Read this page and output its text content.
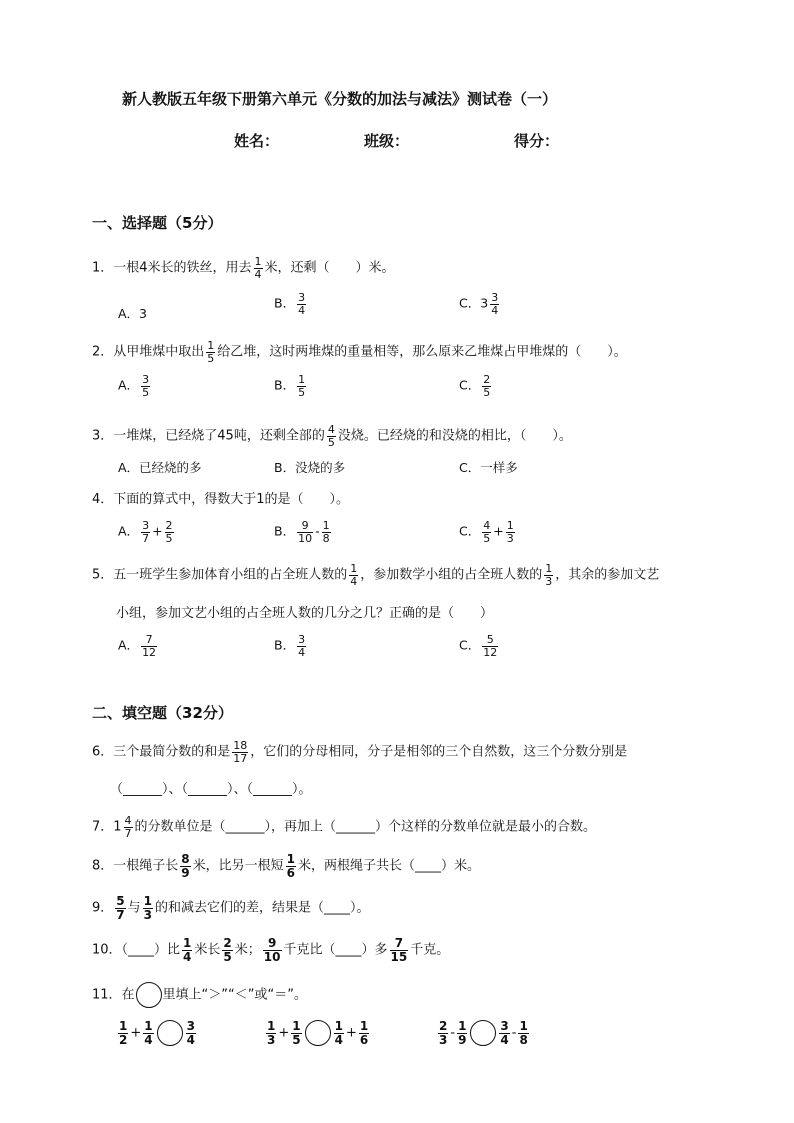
新人教版五年级下册第六单元《分数的加法与减法》测试卷（一）
姓名：	班级：	得分：
一、选择题（5分）
1．一根4米长的铁丝，用去 $\frac{1}{4}$ 米，还剩（　　）米。
A．3
B． $\frac{3}{4}$	C．$3 \frac{3}{4}$
2．从甲堆煤中取出 $\frac{1}{5}$ 给乙堆，这时两堆煤的重量相等，那么原来乙堆煤占甲堆煤的（　　）。
A． $\frac{3}{5}$	B． $\frac{1}{5}$	C． $\frac{2}{5}$
3．一堆煤，已经烧了45吨，还剩全部的 $\frac{4}{5}$ 没烧。已经烧的和没烧的相比，（　　）。
A．已经烧的多	B．没烧的多	C．一样多
4．下面的算式中，得数大于1的是（　　）。
A． $\frac{3}{7} + \frac{2}{5}$	B． $\frac{9}{10} - \frac{1}{8}$	C． $\frac{4}{5} + \frac{1}{3}$
5．五一班学生参加体育小组的占全班人数的 $\frac{1}{4}$ ，参加数学小组的占全班人数的 $\frac{1}{3}$ ，其余的参加文艺
小组，参加文艺小组的占全班人数的几分之几？正确的是（　　）
A． $\frac{7}{12}$	B． $\frac{3}{4}$	C． $\frac{5}{12}$
二、填空题（32分）
6．三个最简分数的和是 $\frac{18}{17}$ ，它们的分母相同，分子是相邻的三个自然数，这三个分数分别是
（______）、（______）、（______）。
7．$1 \frac{4}{7}$ 的分数单位是（______），再加上（______）个这样的分数单位就是最小的合数。
8．一根绳子长 $\frac{8}{9}$ 米，比另一根短 $\frac{1}{6}$ 米，两根绳子共长（____）米。
9． $\frac{5}{7}$ 与 $\frac{1}{3}$ 的和减去它们的差，结果是（____）。
10．（____）比 $\frac{1}{4}$ 米长 $\frac{2}{5}$ 米； $\frac{9}{10}$ 千克比（____）多 $\frac{7}{15}$ 千克。
11．在 里填上“＞”“＜”或“＝”。
$\frac{1}{2} + \frac{1}{4}$	$\frac{3}{4}$	$\frac{1}{3} + \frac{1}{5}$	$\frac{1}{4} + \frac{1}{6}$	$\frac{2}{3} - \frac{1}{9}$	$\frac{3}{4} - \frac{1}{8}$
